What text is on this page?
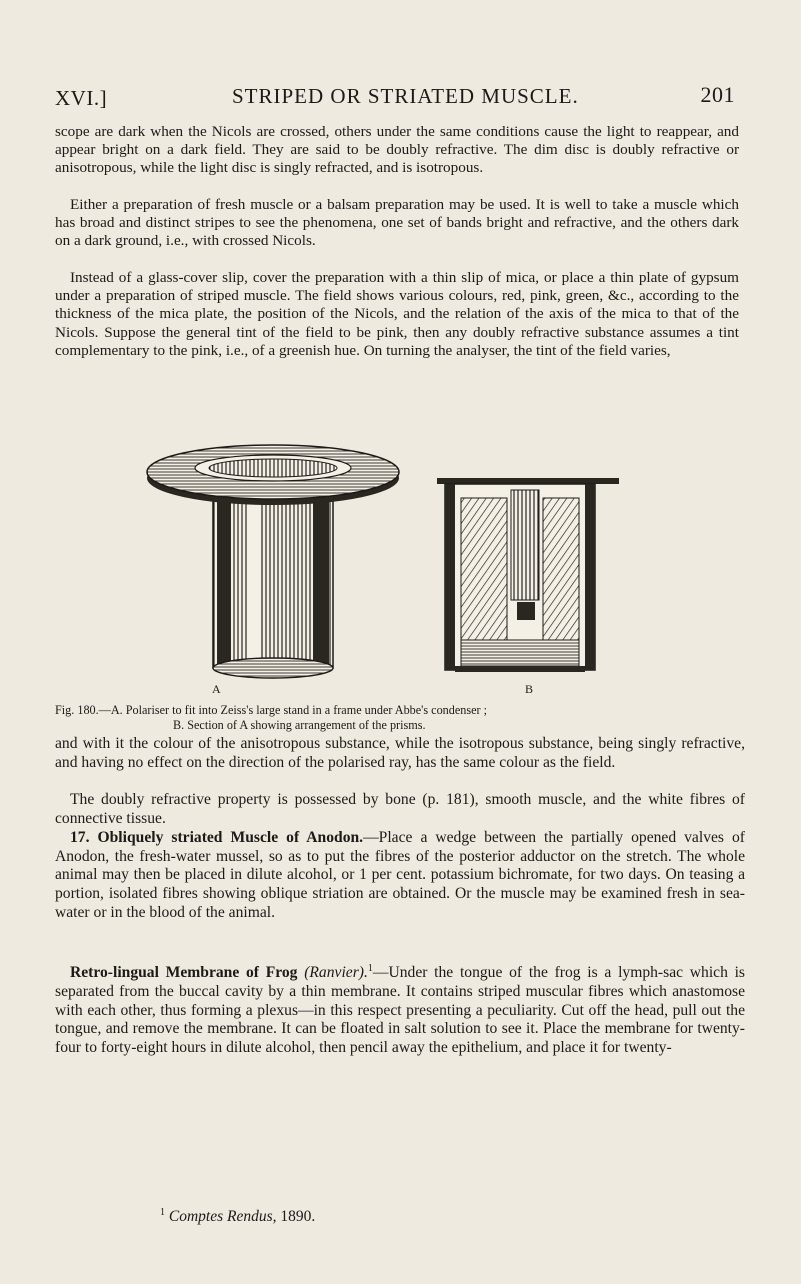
XVI.]	STRIPED OR STRIATED MUSCLE.	201

scope are dark when the Nicols are crossed, others under the same conditions cause the light to reappear, and appear bright on a dark field. They are said to be doubly refractive. The dim disc is doubly refractive or anisotropous, while the light disc is singly refracted, and is isotropous.

Either a preparation of fresh muscle or a balsam preparation may be used. It is well to take a muscle which has broad and distinct stripes to see the phenomena, one set of bands bright and refractive, and the others dark on a dark ground, i.e., with crossed Nicols.

Instead of a glass-cover slip, cover the preparation with a thin slip of mica, or place a thin plate of gypsum under a preparation of striped muscle. The field shows various colours, red, pink, green, &c., according to the thickness of the mica plate, the position of the Nicols, and the relation of the axis of the mica to that of the Nicols. Suppose the general tint of the field to be pink, then any doubly refractive substance assumes a tint complementary to the pink, i.e., of a greenish hue. On turning the analyser, the tint of the field varies,

A	B
Fig. 180.—A. Polariser to fit into Zeiss's large stand in a frame under Abbe's condenser ;
B. Section of A showing arrangement of the prisms.

and with it the colour of the anisotropous substance, while the isotropous substance, being singly refractive, and having no effect on the direction of the polarised ray, has the same colour as the field.

The doubly refractive property is possessed by bone (p. 181), smooth muscle, and the white fibres of connective tissue.

17. Obliquely striated Muscle of Anodon.—Place a wedge between the partially opened valves of Anodon, the fresh-water mussel, so as to put the fibres of the posterior adductor on the stretch. The whole animal may then be placed in dilute alcohol, or 1 per cent. potassium bichromate, for two days. On teasing a portion, isolated fibres showing oblique striation are obtained. Or the muscle may be examined fresh in sea-water or in the blood of the animal.

Retro-lingual Membrane of Frog (Ranvier).$^1$—Under the tongue of the frog is a lymph-sac which is separated from the buccal cavity by a thin membrane. It contains striped muscular fibres which anastomose with each other, thus forming a plexus—in this respect presenting a peculiarity. Cut off the head, pull out the tongue, and remove the membrane. It can be floated in salt solution to see it. Place the membrane for twenty-four to forty-eight hours in dilute alcohol, then pencil away the epithelium, and place it for twenty-

$^1$ Comptes Rendus, 1890.
